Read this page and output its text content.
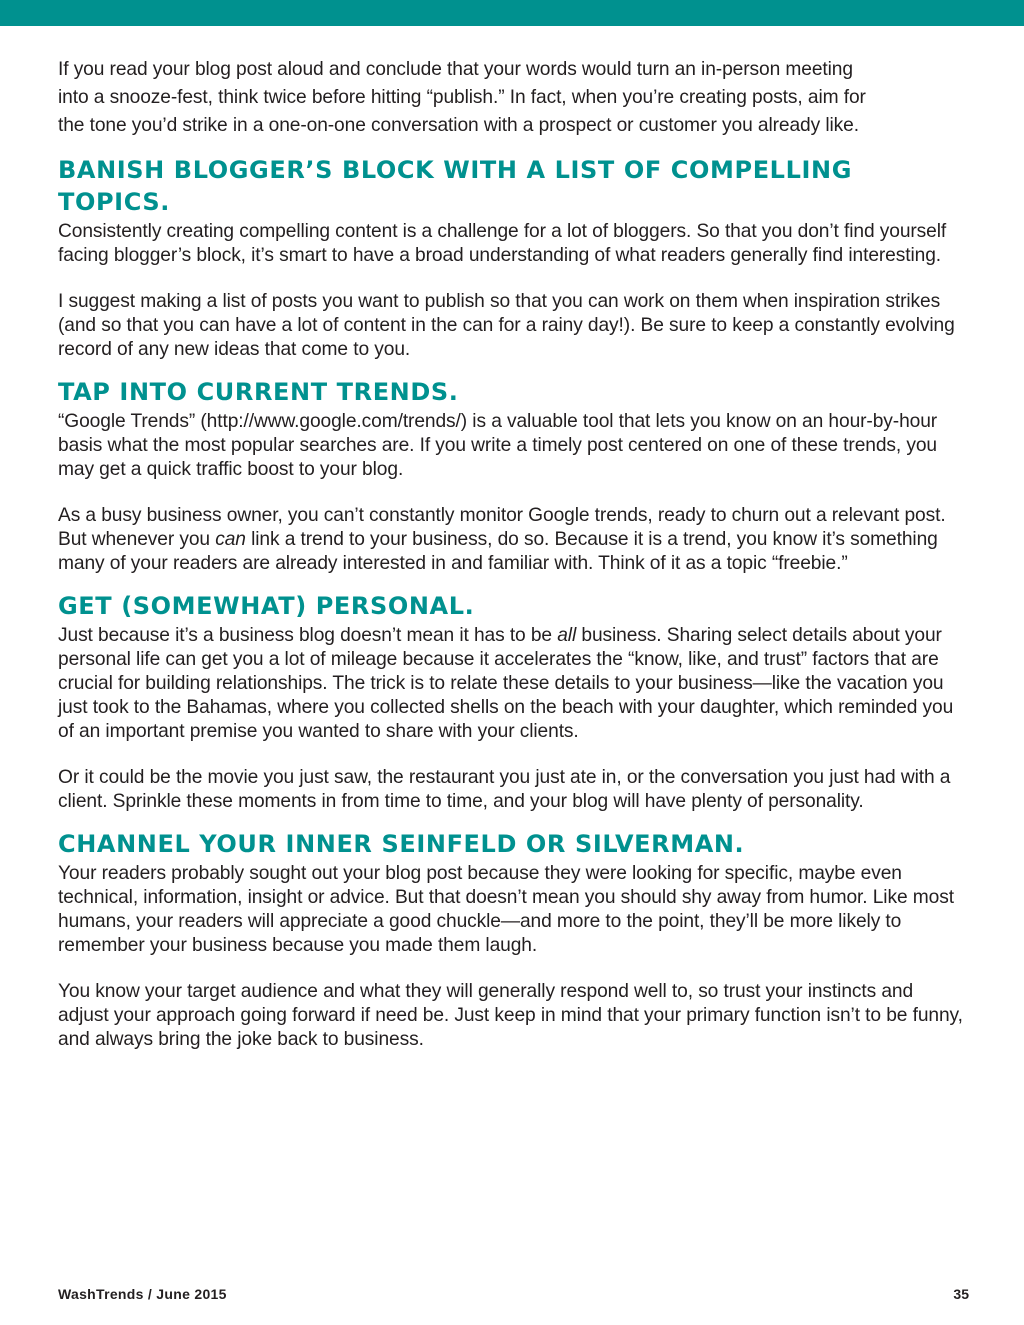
If you read your blog post aloud and conclude that your words would turn an in-person meeting
into a snooze-fest, think twice before hitting “publish.” In fact, when you’re creating posts, aim for
the tone you’d strike in a one-on-one conversation with a prospect or customer you already like.

BANISH BLOGGER’S BLOCK WITH A LIST OF COMPELLING TOPICS.

Consistently creating compelling content is a challenge for a lot of bloggers. So that you don’t find yourself facing blogger’s block, it’s smart to have a broad understanding of what readers generally find interesting.

I suggest making a list of posts you want to publish so that you can work on them when inspiration strikes (and so that you can have a lot of content in the can for a rainy day!). Be sure to keep a constantly evolving record of any new ideas that come to you.

TAP INTO CURRENT TRENDS.

“Google Trends” (http://www.google.com/trends/) is a valuable tool that lets you know on an hour-by-hour basis what the most popular searches are. If you write a timely post centered on one of these trends, you may get a quick traffic boost to your blog.

As a busy business owner, you can’t constantly monitor Google trends, ready to churn out a relevant post. But whenever you can link a trend to your business, do so. Because it is a trend, you know it’s something many of your readers are already interested in and familiar with. Think of it as a topic “freebie.”

GET (SOMEWHAT) PERSONAL.

Just because it’s a business blog doesn’t mean it has to be all business. Sharing select details about your personal life can get you a lot of mileage because it accelerates the “know, like, and trust” factors that are crucial for building relationships. The trick is to relate these details to your business—like the vacation you just took to the Bahamas, where you collected shells on the beach with your daughter, which reminded you of an important premise you wanted to share with your clients.

Or it could be the movie you just saw, the restaurant you just ate in, or the conversation you just had with a client. Sprinkle these moments in from time to time, and your blog will have plenty of personality.

CHANNEL YOUR INNER SEINFELD OR SILVERMAN.

Your readers probably sought out your blog post because they were looking for specific, maybe even technical, information, insight or advice. But that doesn’t mean you should shy away from humor. Like most humans, your readers will appreciate a good chuckle—and more to the point, they’ll be more likely to remember your business because you made them laugh.

You know your target audience and what they will generally respond well to, so trust your instincts and adjust your approach going forward if need be. Just keep in mind that your primary function isn’t to be funny, and always bring the joke back to business.

WashTrends / June 2015	35
